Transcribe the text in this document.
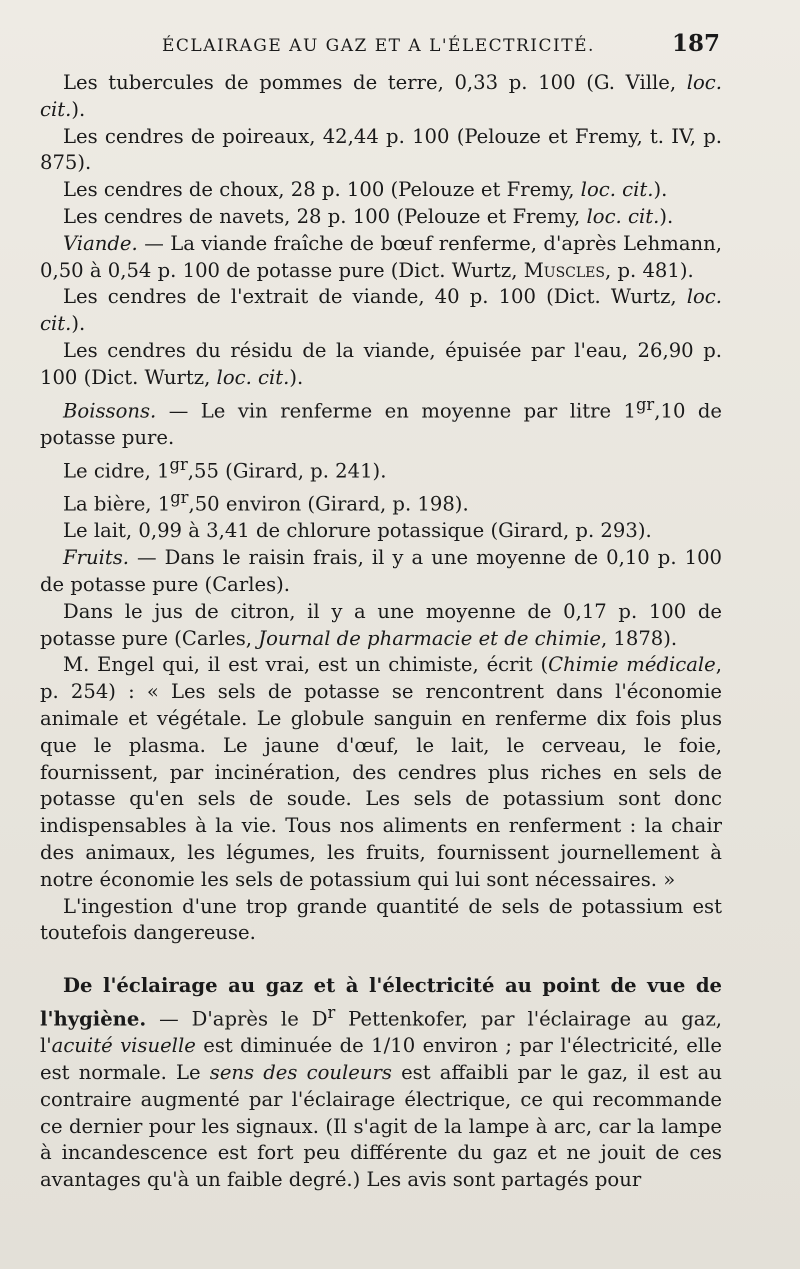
ÉCLAIRAGE AU GAZ ET A L'ÉLECTRICITÉ.	187

Les tubercules de pommes de terre, 0,33 p. 100 (G. Ville, loc. cit.).

Les cendres de poireaux, 42,44 p. 100 (Pelouze et Fremy, t. IV, p. 875).

Les cendres de choux, 28 p. 100 (Pelouze et Fremy, loc. cit.).

Les cendres de navets, 28 p. 100 (Pelouze et Fremy, loc. cit.).

Viande. — La viande fraîche de bœuf renferme, d'après Lehmann, 0,50 à 0,54 p. 100 de potasse pure (Dict. Wurtz, Muscles, p. 481).

Les cendres de l'extrait de viande, 40 p. 100 (Dict. Wurtz, loc. cit.).

Les cendres du résidu de la viande, épuisée par l'eau, 26,90 p. 100 (Dict. Wurtz, loc. cit.).

Boissons. — Le vin renferme en moyenne par litre $1^{gr},10$ de potasse pure.

Le cidre, $1^{gr},55$ (Girard, p. 241).

La bière, $1^{gr},50$ environ (Girard, p. 198).

Le lait, 0,99 à 3,41 de chlorure potassique (Girard, p. 293).

Fruits. — Dans le raisin frais, il y a une moyenne de 0,10 p. 100 de potasse pure (Carles).

Dans le jus de citron, il y a une moyenne de 0,17 p. 100 de potasse pure (Carles, Journal de pharmacie et de chimie, 1878).

M. Engel qui, il est vrai, est un chimiste, écrit (Chimie médicale, p. 254) : « Les sels de potasse se rencontrent dans l'économie animale et végétale. Le globule sanguin en renferme dix fois plus que le plasma. Le jaune d'œuf, le lait, le cerveau, le foie, fournissent, par incinération, des cendres plus riches en sels de potasse qu'en sels de soude. Les sels de potassium sont donc indispensables à la vie. Tous nos aliments en renferment : la chair des animaux, les légumes, les fruits, fournissent journellement à notre économie les sels de potassium qui lui sont nécessaires. »

L'ingestion d'une trop grande quantité de sels de potassium est toutefois dangereuse.

De l'éclairage au gaz et à l'électricité au point de vue de l'hygiène. — D'après le $D^r$ Pettenkofer, par l'éclairage au gaz, l'acuité visuelle est diminuée de 1/10 environ ; par l'électricité, elle est normale. Le sens des couleurs est affaibli par le gaz, il est au contraire augmenté par l'éclairage électrique, ce qui recommande ce dernier pour les signaux. (Il s'agit de la lampe à arc, car la lampe à incandescence est fort peu différente du gaz et ne jouit de ces avantages qu'à un faible degré.) Les avis sont partagés pour
